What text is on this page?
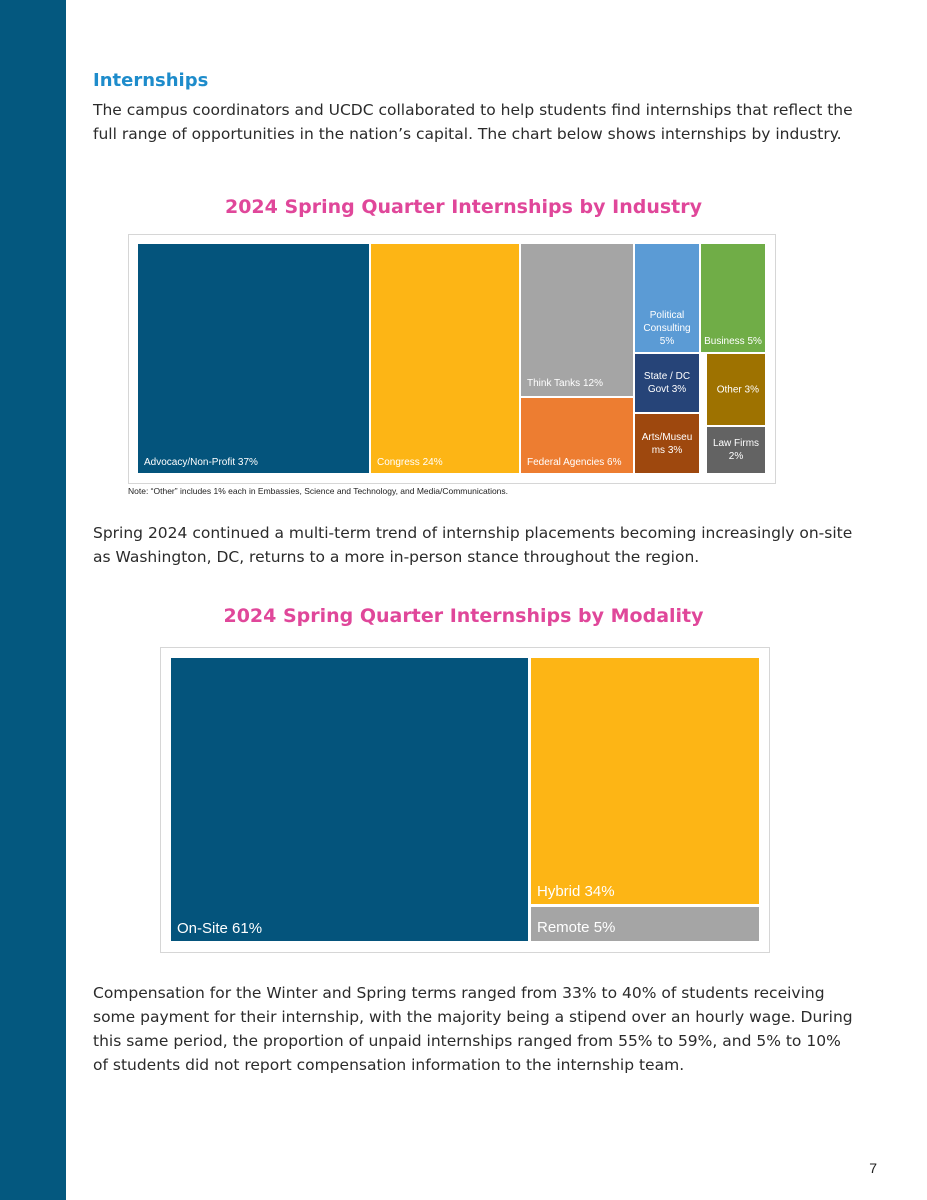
Internships

The campus coordinators and UCDC collaborated to help students find internships that reflect the full range of opportunities in the nation’s capital. The chart below shows internships by industry.

2024 Spring Quarter Internships by Industry
Advocacy/Non-Profit 37%	Congress 24%
Think Tanks 12%
Federal Agencies 6%
Political Consulting 5%	Business 5%
State / DC Govt 3%	Other 3%
Arts/Museu ms 3%
Law Firms 2%

Note: “Other” includes 1% each in Embassies, Science and Technology, and Media/Communications.

Spring 2024 continued a multi-term trend of internship placements becoming increasingly on-site as Washington, DC, returns to a more in-person stance throughout the region.

2024 Spring Quarter Internships by Modality
On-Site 61%
Hybrid 34%
Remote 5%

Compensation for the Winter and Spring terms ranged from 33% to 40% of students receiving some payment for their internship, with the majority being a stipend over an hourly wage. During this same period, the proportion of unpaid internships ranged from 55% to 59%, and 5% to 10% of students did not report compensation information to the internship team.

7
